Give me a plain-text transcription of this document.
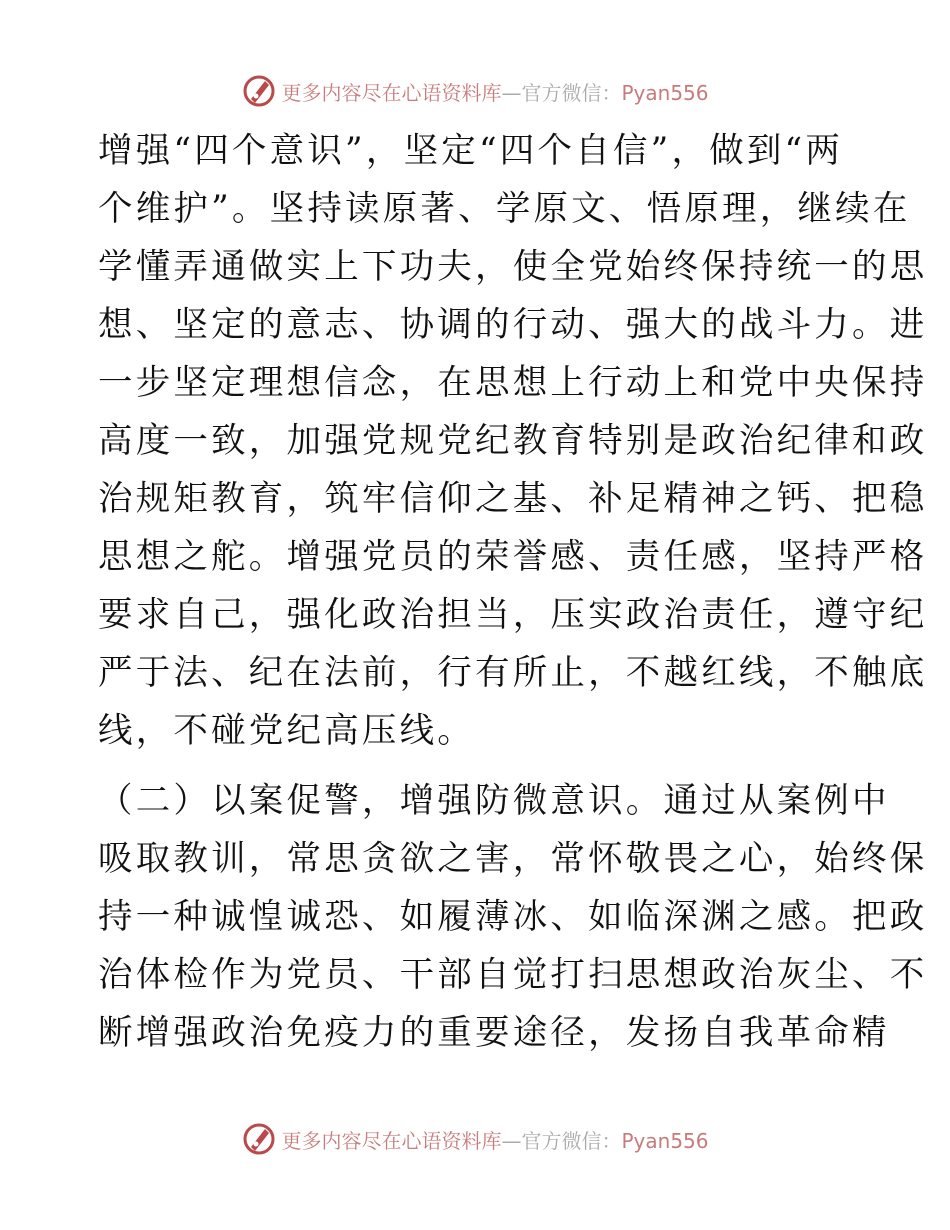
更多内容尽在心语资料库—官方微信：Pyan556

增强“四个意识”，坚定“四个自信”，做到“两
个维护”。坚持读原著、学原文、悟原理，继续在
学懂弄通做实上下功夫，使全党始终保持统一的思
想、坚定的意志、协调的行动、强大的战斗力。进
一步坚定理想信念，在思想上行动上和党中央保持
高度一致，加强党规党纪教育特别是政治纪律和政
治规矩教育，筑牢信仰之基、补足精神之钙、把稳
思想之舵。增强党员的荣誉感、责任感，坚持严格
要求自己，强化政治担当，压实政治责任，遵守纪
严于法、纪在法前，行有所止，不越红线，不触底
线，不碰党纪高压线。

（二）以案促警，增强防微意识。通过从案例中
吸取教训，常思贪欲之害，常怀敬畏之心，始终保
持一种诚惶诚恐、如履薄冰、如临深渊之感。把政
治体检作为党员、干部自觉打扫思想政治灰尘、不
断增强政治免疫力的重要途径，发扬自我革命精

更多内容尽在心语资料库—官方微信：Pyan556
